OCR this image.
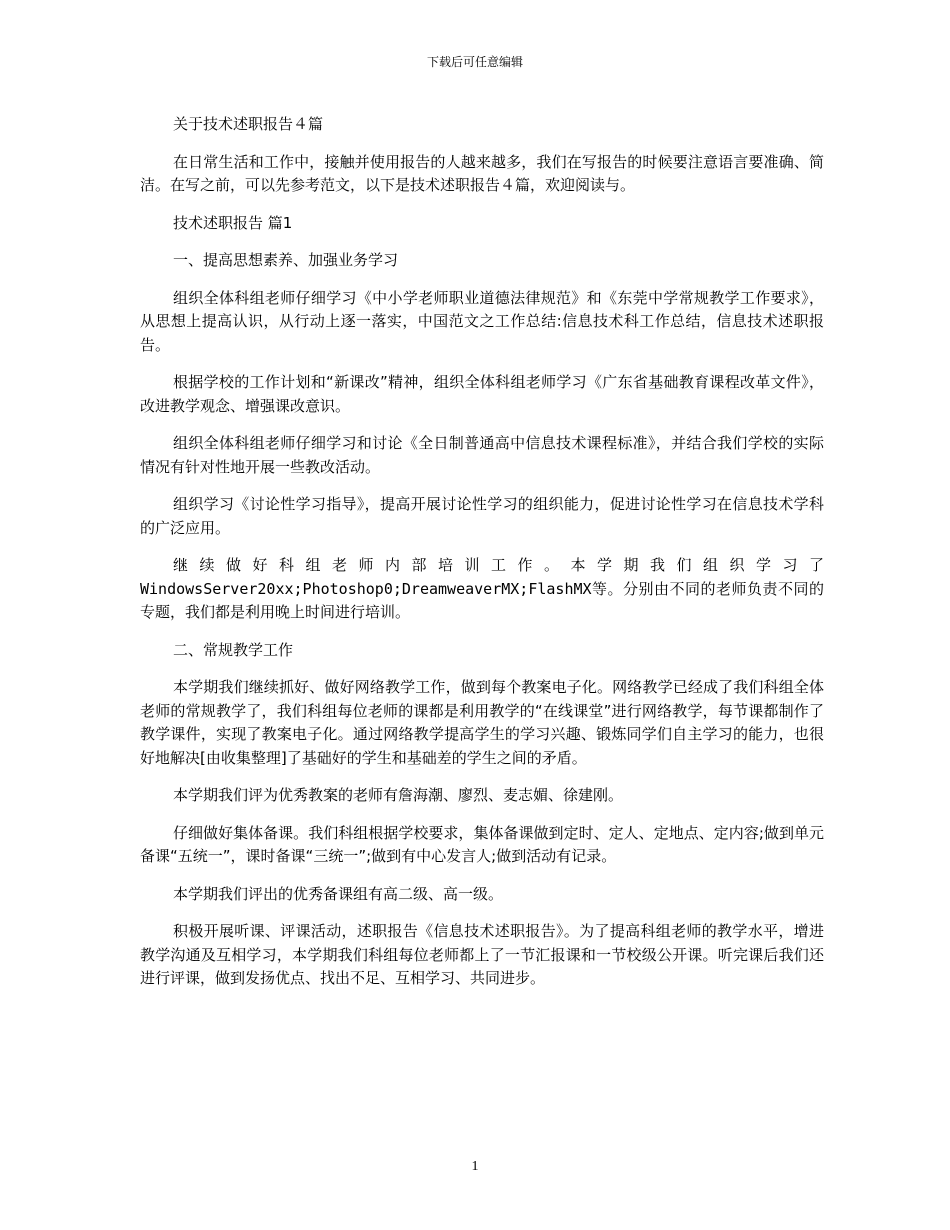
下载后可任意编辑

关于技术述职报告４篇

在日常生活和工作中，接触并使用报告的人越来越多，我们在写报告的时候要注意语言要准确、简洁。在写之前，可以先参考范文，以下是技术述职报告４篇，欢迎阅读与。

技术述职报告 篇1

一、提高思想素养、加强业务学习

组织全体科组老师仔细学习《中小学老师职业道德法律规范》和《东莞中学常规教学工作要求》，从思想上提高认识，从行动上逐一落实，中国范文之工作总结:信息技术科工作总结，信息技术述职报告。

根据学校的工作计划和“新课改”精神，组织全体科组老师学习《广东省基础教育课程改革文件》，改进教学观念、增强课改意识。

组织全体科组老师仔细学习和讨论《全日制普通高中信息技术课程标准》，并结合我们学校的实际情况有针对性地开展一些教改活动。

组织学习《讨论性学习指导》，提高开展讨论性学习的组织能力，促进讨论性学习在信息技术学科的广泛应用。

继续做好科组老师内部培训工作。本学期我们组织学习了WindowsServer20xx;Photoshop0;DreamweaverMX;FlashMX等。分别由不同的老师负责不同的专题，我们都是利用晚上时间进行培训。

二、常规教学工作

本学期我们继续抓好、做好网络教学工作，做到每个教案电子化。网络教学已经成了我们科组全体老师的常规教学了，我们科组每位老师的课都是利用教学的“在线课堂”进行网络教学，每节课都制作了教学课件，实现了教案电子化。通过网络教学提高学生的学习兴趣、锻炼同学们自主学习的能力，也很好地解决[由收集整理]了基础好的学生和基础差的学生之间的矛盾。

本学期我们评为优秀教案的老师有詹海潮、廖烈、麦志媚、徐建刚。

仔细做好集体备课。我们科组根据学校要求，集体备课做到定时、定人、定地点、定内容;做到单元备课“五统一”，课时备课“三统一”;做到有中心发言人;做到活动有记录。

本学期我们评出的优秀备课组有高二级、高一级。

积极开展听课、评课活动，述职报告《信息技术述职报告》。为了提高科组老师的教学水平，增进教学沟通及互相学习，本学期我们科组每位老师都上了一节汇报课和一节校级公开课。听完课后我们还进行评课，做到发扬优点、找出不足、互相学习、共同进步。

1
